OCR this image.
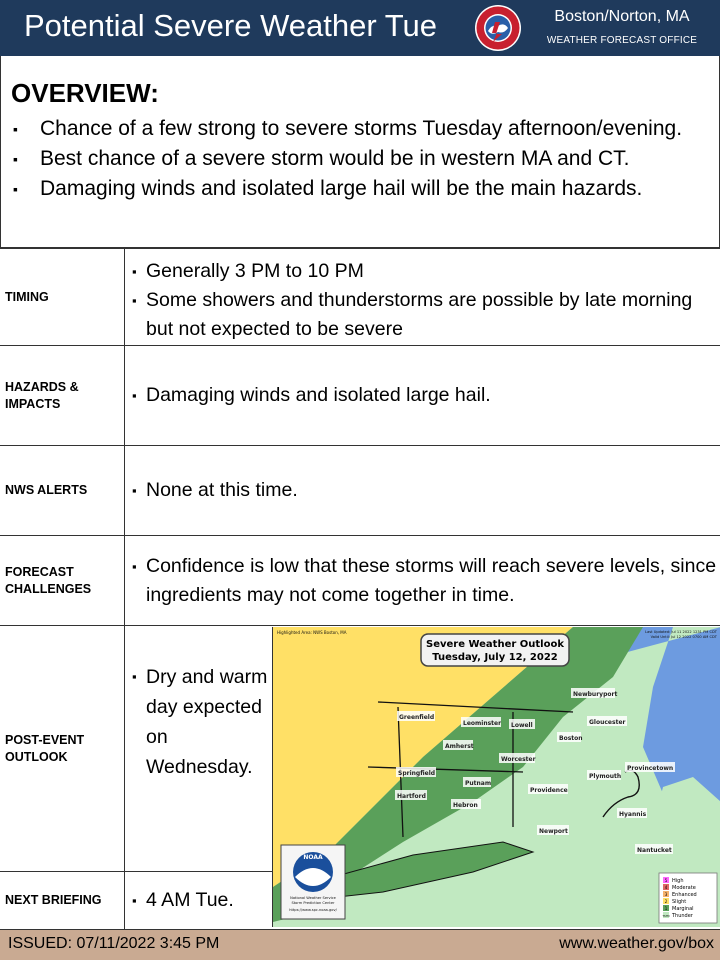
Potential Severe Weather Tue	Boston/Norton, MA
WEATHER FORECAST OFFICE
OVERVIEW:
▪ Chance of a few strong to severe storms Tuesday afternoon/evening.
▪ Best chance of a severe storm would be in western MA and CT.
▪ Damaging winds and isolated large hail will be the main hazards.
TIMING
▪ Generally 3 PM to 10 PM
▪ Some showers and thunderstorms are possible by late morning but not expected to be severe
HAZARDS & IMPACTS
▪ Damaging winds and isolated large hail.
NWS ALERTS	▪ None at this time.
FORECAST CHALLENGES
▪ Confidence is low that these storms will reach severe levels, since ingredients may not come together in time.
POST-EVENT OUTLOOK
▪ Dry and warm day expected on Wednesday.
NEXT BRIEFING	▪ 4 AM Tue.
Highlighted Area: NWS Boston, MA	Last Updated: Jul 11 2022 1231 PM CDT
Valid Until: Jul 12 2022 0700 AM CDT
Severe Weather Outlook
Tuesday, July 12, 2022
Newburyport
Lowell
Greenfield
Leominster	Gloucester
Boston
Amherst
Worcester
Provincetown
Springfield	Plymouth
Putnam
Hartford
Providence
Hebron
Hyannis
Newport
Nantucket
NOAA
National Weather Service
Storm Prediction Center
https://www.spc.noaa.gov/
5 High
4 Moderate
3 Enhanced
2 Slight
1 Marginal
TSTM Thunder
ISSUED: 07/11/2022 3:45 PM	www.weather.gov/box
